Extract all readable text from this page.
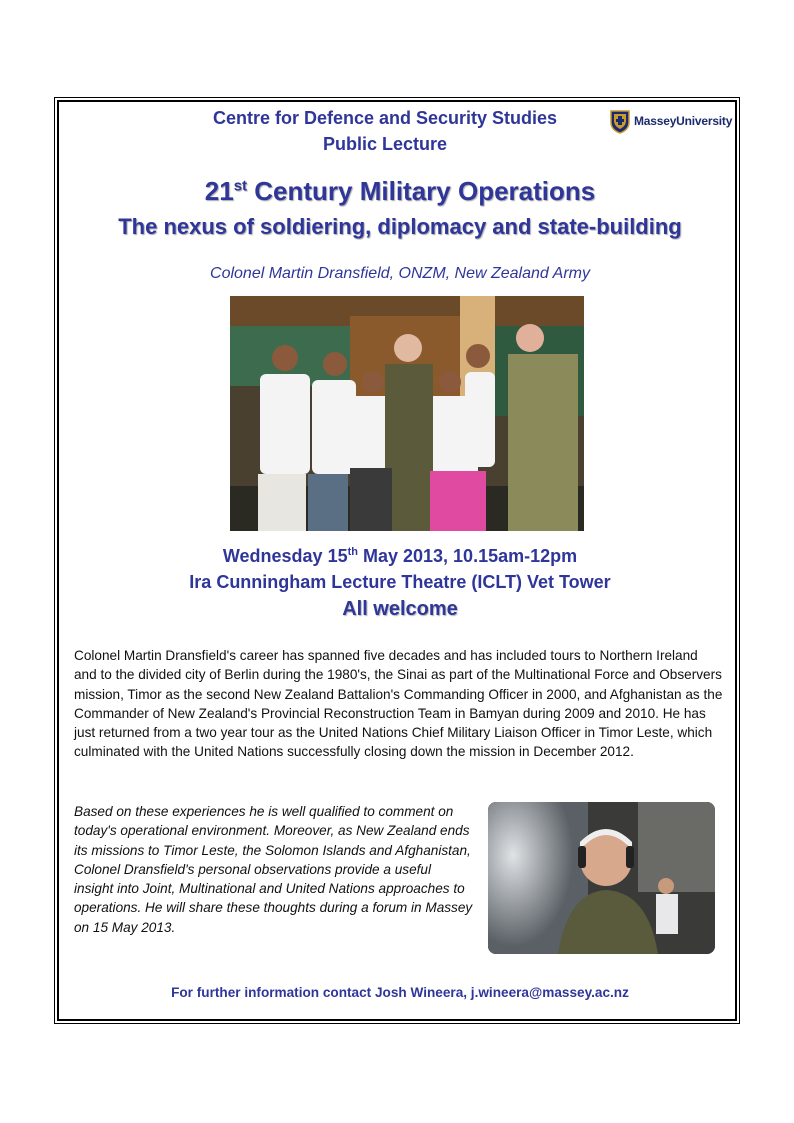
Centre for Defence and Security Studies
Public Lecture
MasseyUniversity
21st Century Military Operations
The nexus of soldiering, diplomacy and state-building
Colonel Martin Dransfield, ONZM, New Zealand Army
Wednesday 15th May 2013, 10.15am-12pm
Ira Cunningham Lecture Theatre (ICLT) Vet Tower
All welcome
Colonel Martin Dransfield's career has spanned five decades and has included tours to Northern Ireland and to the divided city of Berlin during the 1980's, the Sinai as part of the Multinational Force and Observers mission, Timor as the second New Zealand Battalion's Commanding Officer in 2000, and Afghanistan as the Commander of New Zealand's Provincial Reconstruction Team in Bamyan during 2009 and 2010. He has just returned from a two year tour as the United Nations Chief Military Liaison Officer in Timor Leste, which culminated with the United Nations successfully closing down the mission in December 2012.
Based on these experiences he is well qualified to comment on today's operational environment. Moreover, as New Zealand ends its missions to Timor Leste, the Solomon Islands and Afghanistan, Colonel Dransfield's personal observations provide a useful insight into Joint, Multinational and United Nations approaches to operations. He will share these thoughts during a forum in Massey on 15 May 2013.
For further information contact Josh Wineera, j.wineera@massey.ac.nz
